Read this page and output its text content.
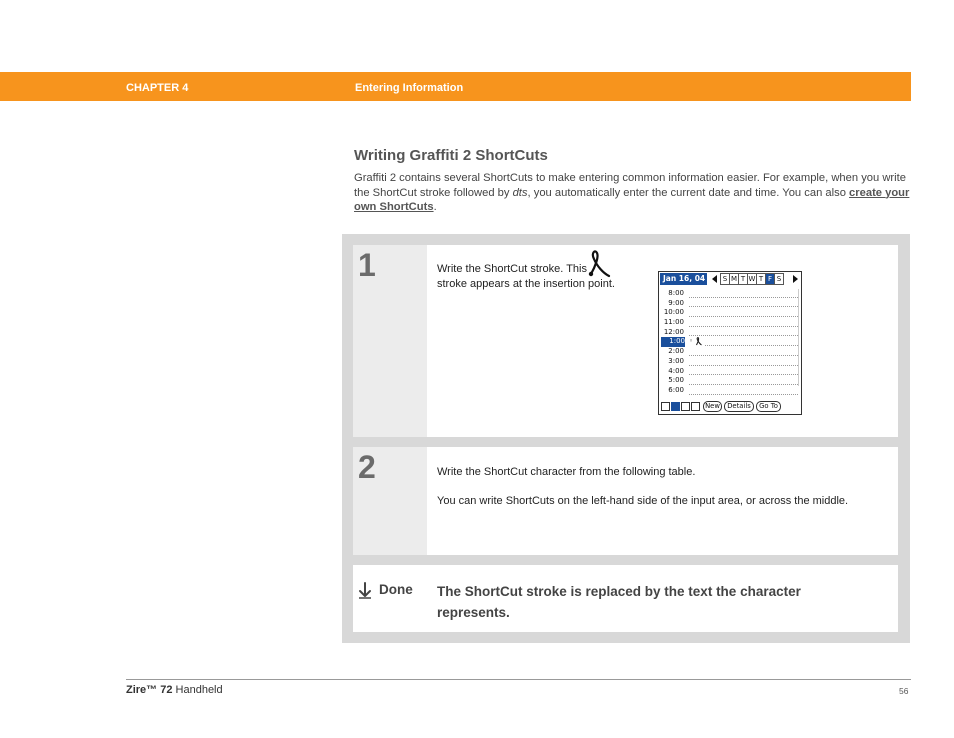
CHAPTER 4	Entering Information
Writing Graffiti 2 ShortCuts
Graffiti 2 contains several ShortCuts to make entering common information easier. For example, when you write the ShortCut stroke followed by dts, you automatically enter the current date and time. You can also create your own ShortCuts.
1	Write the ShortCut stroke. This stroke appears at the insertion point.	Jan 16, 04	S M T W T F S
8:00
9:00
10:00
11:00
12:00
1:00 ◦
2:00
3:00
4:00
5:00
6:00
New	Details	Go To
2	Write the ShortCut character from the following table.
You can write ShortCuts on the left-hand side of the input area, or across the middle.
Done The ShortCut stroke is replaced by the text the character represents.
Zire™ 72 Handheld	56
